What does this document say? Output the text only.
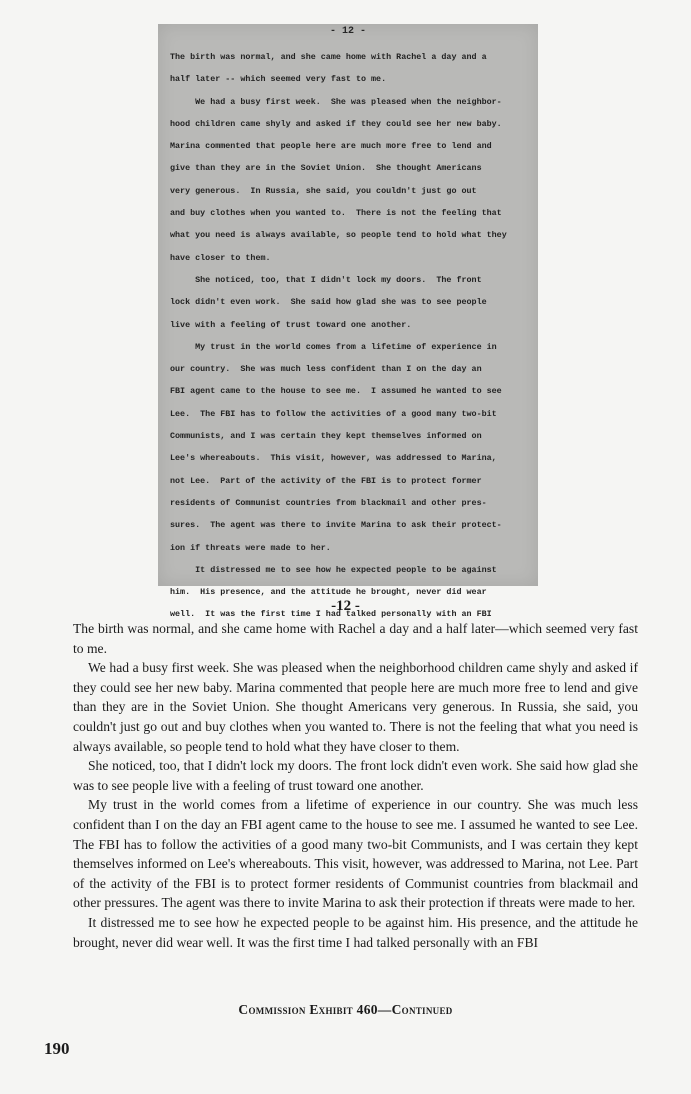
- 12 -
The birth was normal, and she came home with Rachel a day and a
half later -- which seemed very fast to me.
We had a busy first week.  She was pleased when the neighbor-
hood children came shyly and asked if they could see her new baby.
Marina commented that people here are much more free to lend and
give than they are in the Soviet Union.  She thought Americans
very generous.  In Russia, she said, you couldn't just go out
and buy clothes when you wanted to.  There is not the feeling that
what you need is always available, so people tend to hold what they
have closer to them.
She noticed, too, that I didn't lock my doors.  The front
lock didn't even work.  She said how glad she was to see people
live with a feeling of trust toward one another.
My trust in the world comes from a lifetime of experience in
our country.  She was much less confident than I on the day an
FBI agent came to the house to see me.  I assumed he wanted to see
Lee.  The FBI has to follow the activities of a good many two-bit
Communists, and I was certain they kept themselves informed on
Lee's whereabouts.  This visit, however, was addressed to Marina,
not Lee.  Part of the activity of the FBI is to protect former
residents of Communist countries from blackmail and other pres-
sures.  The agent was there to invite Marina to ask their protect-
ion if threats were made to her.
It distressed me to see how he expected people to be against
him.  His presence, and the attitude he brought, never did wear
well.  It was the first time I had talked personally with an FBI
-12 -

The birth was normal, and she came home with Rachel a day and a half later—which seemed very fast to me.

We had a busy first week. She was pleased when the neighborhood children came shyly and asked if they could see her new baby. Marina commented that people here are much more free to lend and give than they are in the Soviet Union. She thought Americans very generous. In Russia, she said, you couldn't just go out and buy clothes when you wanted to. There is not the feeling that what you need is always available, so people tend to hold what they have closer to them.

She noticed, too, that I didn't lock my doors. The front lock didn't even work. She said how glad she was to see people live with a feeling of trust toward one another.

My trust in the world comes from a lifetime of experience in our country. She was much less confident than I on the day an FBI agent came to the house to see me. I assumed he wanted to see Lee. The FBI has to follow the activities of a good many two-bit Communists, and I was certain they kept themselves informed on Lee's whereabouts. This visit, however, was addressed to Marina, not Lee. Part of the activity of the FBI is to protect former residents of Communist countries from blackmail and other pressures. The agent was there to invite Marina to ask their protection if threats were made to her.

It distressed me to see how he expected people to be against him. His presence, and the attitude he brought, never did wear well. It was the first time I had talked personally with an FBI

Commission Exhibit 460—Continued
190
